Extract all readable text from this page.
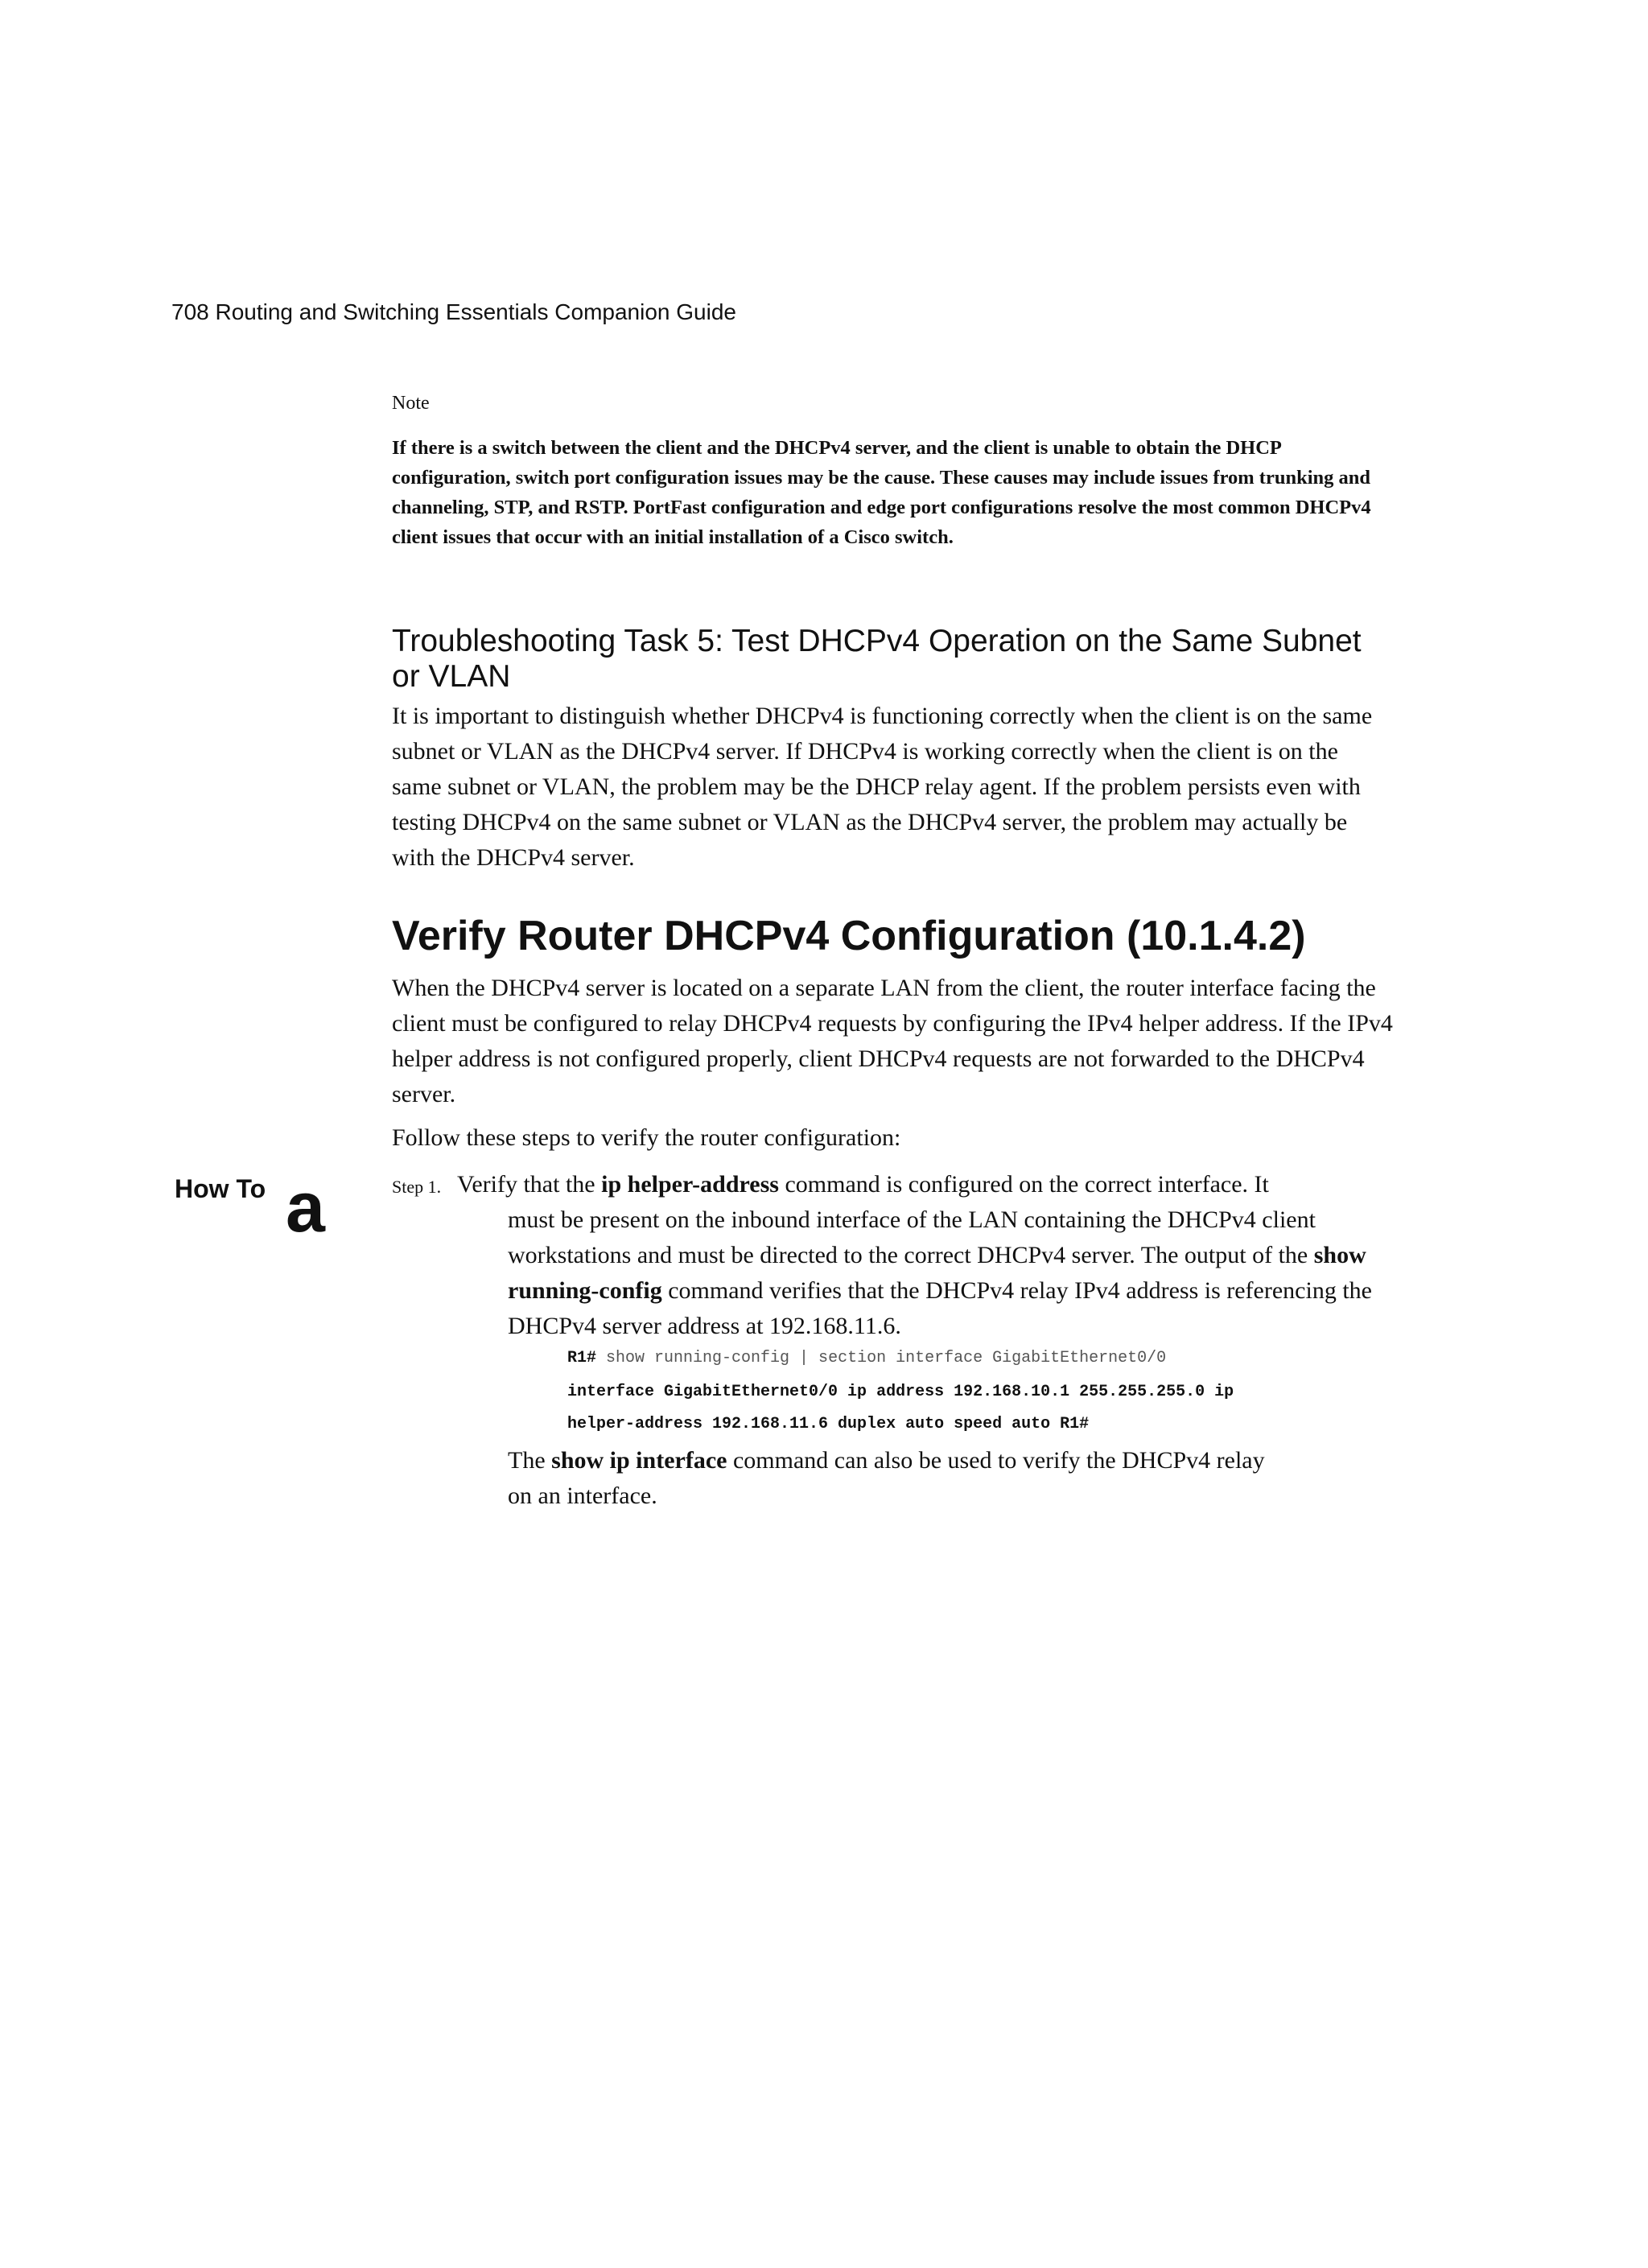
708 Routing and Switching Essentials Companion Guide
Note
If there is a switch between the client and the DHCPv4 server, and the client is unable to obtain the DHCP configuration, switch port configuration issues may be the cause. These causes may include issues from trunking and channeling, STP, and RSTP. PortFast configuration and edge port configurations resolve the most common DHCPv4 client issues that occur with an initial installation of a Cisco switch.
Troubleshooting Task 5: Test DHCPv4 Operation on the Same Subnet or VLAN

It is important to distinguish whether DHCPv4 is functioning correctly when the client is on the same subnet or VLAN as the DHCPv4 server. If DHCPv4 is working correctly when the client is on the same subnet or VLAN, the problem may be the DHCP relay agent. If the problem persists even with testing DHCPv4 on the same subnet or VLAN as the DHCPv4 server, the problem may actually be with the DHCPv4 server.

Verify Router DHCPv4 Configuration (10.1.4.2)

When the DHCPv4 server is located on a separate LAN from the client, the router interface facing the client must be configured to relay DHCPv4 requests by configuring the IPv4 helper address. If the IPv4 helper address is not configured properly, client DHCPv4 requests are not forwarded to the DHCPv4 server.

Follow these steps to verify the router configuration:

How To a	Step 1. Verify that the ip helper-address command is configured on the correct interface. It

must be present on the inbound interface of the LAN containing the DHCPv4 client workstations and must be directed to the correct DHCPv4 server. The output of the show running-config command verifies that the DHCPv4 relay IPv4 address is referencing the DHCPv4 server address at 192.168.11.6.

R1# show running-config | section interface GigabitEthernet0/0
interface GigabitEthernet0/0 ip address 192.168.10.1 255.255.255.0 ip
helper-address 192.168.11.6 duplex auto speed auto R1#

The show ip interface command can also be used to verify the DHCPv4 relay
on an interface.
